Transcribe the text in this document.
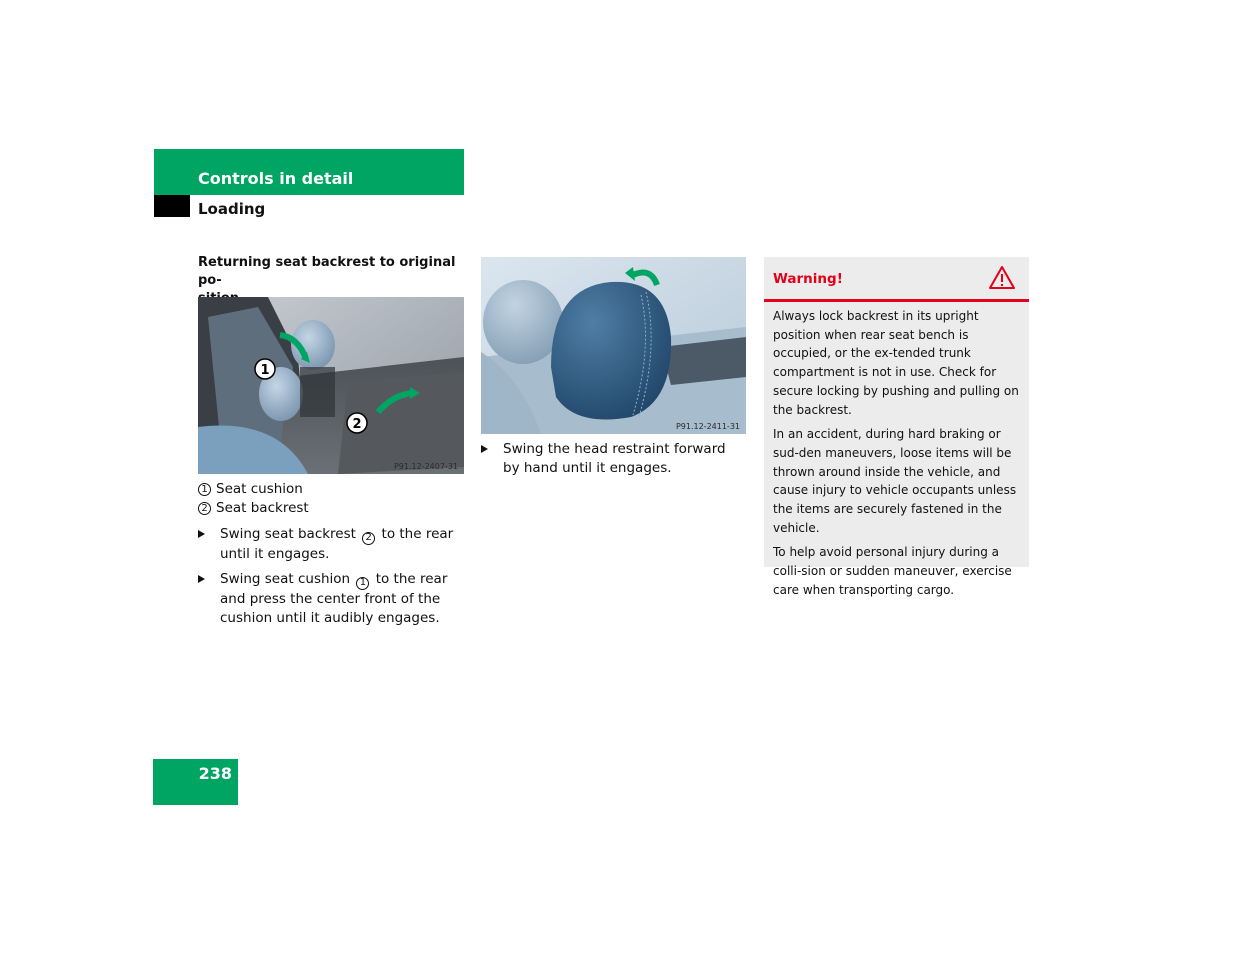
Controls in detail
Loading
Returning seat backrest to original po-

1
2
P91.12-2407-31
1 Seat cushion
2 Seat backrest
Swing seat backrest 2 to the rear until it engages.
Swing seat cushion 1 to the rear and press the center front of the cushion until it audibly engages.
P91.12-2411-31
Swing the head restraint forward by hand until it engages.
Warning!

Always lock backrest in its upright position when rear seat bench is occupied, or the ex-tended trunk compartment is not in use. Check for secure locking by pushing and pulling on the backrest.

In an accident, during hard braking or sud-den maneuvers, loose items will be thrown around inside the vehicle, and cause injury to vehicle occupants unless the items are securely fastened in the vehicle.

To help avoid personal injury during a colli-sion or sudden maneuver, exercise care when transporting cargo.

238
